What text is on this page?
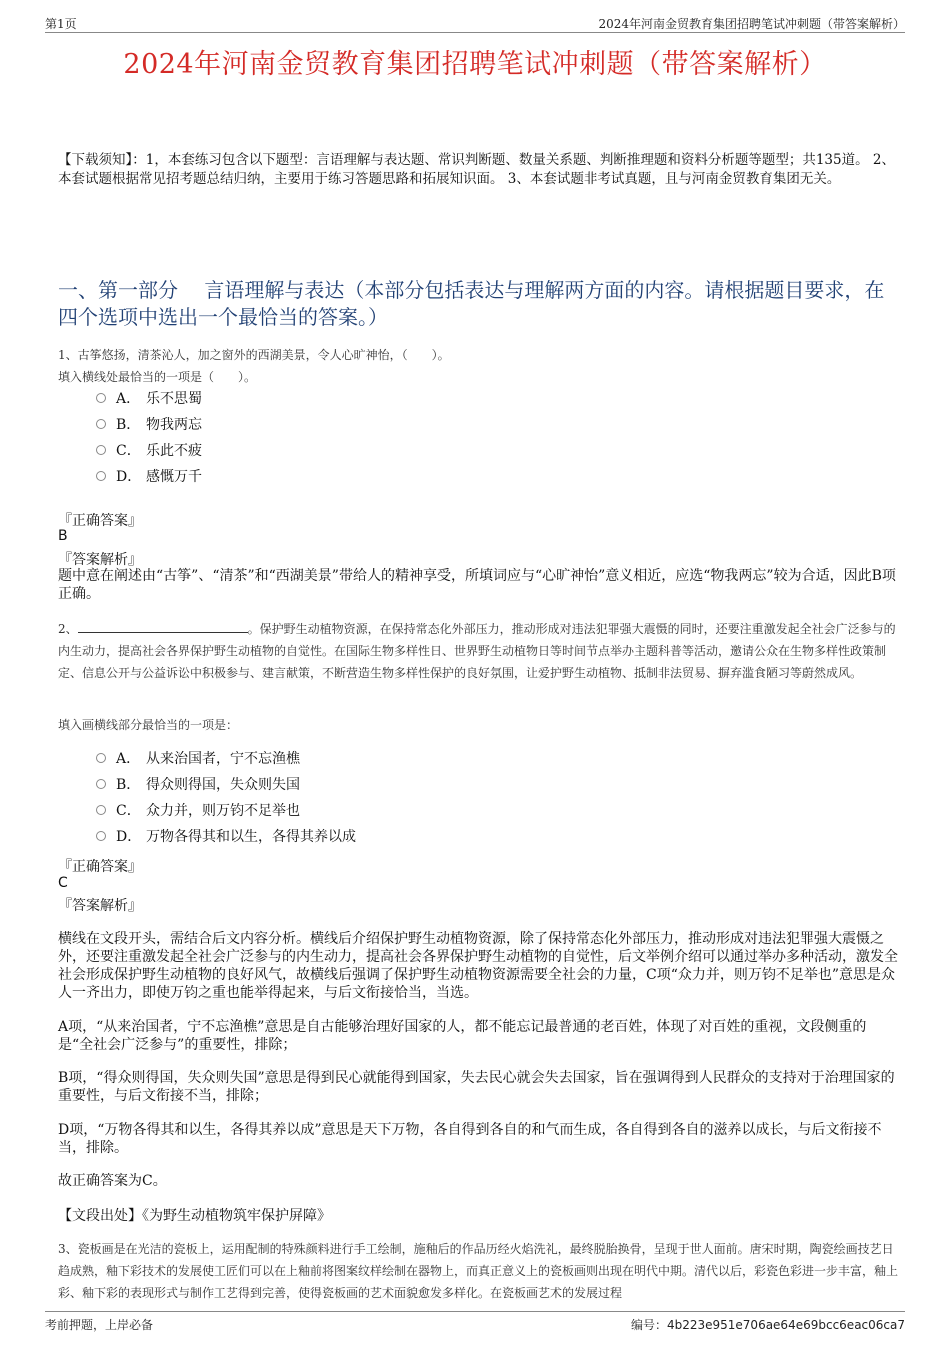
第1页	2024年河南金贸教育集团招聘笔试冲刺题（带答案解析）
2024年河南金贸教育集团招聘笔试冲刺题（带答案解析）
【下载须知】：1，本套练习包含以下题型：言语理解与表达题、常识判断题、数量关系题、判断推理题和资料分析题等题型；共135道。 2、本套试题根据常见招考题总结归纳，主要用于练习答题思路和拓展知识面。 3、本套试题非考试真题，且与河南金贸教育集团无关。
一、第一部分　 言语理解与表达（本部分包括表达与理解两方面的内容。请根据题目要求，在四个选项中选出一个最恰当的答案。）
1、古筝悠扬，清茶沁人，加之窗外的西湖美景，令人心旷神怡，（　　）。
填入横线处最恰当的一项是（　　）。
A． 乐不思蜀
B． 物我两忘
C． 乐此不疲
D． 感慨万千
『正确答案』
B
『答案解析』
题中意在阐述由“古筝”、“清茶”和“西湖美景”带给人的精神享受，所填词应与“心旷神怡”意义相近，应选“物我两忘”较为合适，因此B项正确。
2、	。保护野生动植物资源，在保持常态化外部压力，推动形成对违法犯罪强大震慑的同时，还要注重激发起全社会广泛参与的内生动力，提高社会各界保护野生动植物的自觉性。在国际生物多样性日、世界野生动植物日等时间节点举办主题科普等活动，邀请公众在生物多样性政策制定、信息公开与公益诉讼中积极参与、建言献策，不断营造生物多样性保护的良好氛围，让爱护野生动植物、抵制非法贸易、摒弃滥食陋习等蔚然成风。
填入画横线部分最恰当的一项是：
A． 从来治国者，宁不忘渔樵
B． 得众则得国，失众则失国
C． 众力并，则万钧不足举也
D． 万物各得其和以生，各得其养以成
『正确答案』
C
『答案解析』
横线在文段开头，需结合后文内容分析。横线后介绍保护野生动植物资源，除了保持常态化外部压力，推动形成对违法犯罪强大震慑之外，还要注重激发起全社会广泛参与的内生动力，提高社会各界保护野生动植物的自觉性，后文举例介绍可以通过举办多种活动，激发全社会形成保护野生动植物的良好风气，故横线后强调了保护野生动植物资源需要全社会的力量，C项“众力并，则万钧不足举也”意思是众人一齐出力，即使万钧之重也能举得起来，与后文衔接恰当，当选。
A项，“从来治国者，宁不忘渔樵”意思是自古能够治理好国家的人，都不能忘记最普通的老百姓，体现了对百姓的重视，文段侧重的是“全社会广泛参与”的重要性，排除；
B项，“得众则得国，失众则失国”意思是得到民心就能得到国家，失去民心就会失去国家，旨在强调得到人民群众的支持对于治理国家的重要性，与后文衔接不当，排除；
D项，“万物各得其和以生，各得其养以成”意思是天下万物，各自得到各自的和气而生成，各自得到各自的滋养以成长，与后文衔接不当，排除。
故正确答案为C。
【文段出处】《为野生动植物筑牢保护屏障》
3、瓷板画是在光洁的瓷板上，运用配制的特殊颜料进行手工绘制，施釉后的作品历经火焰洗礼，最终脱胎换骨，呈现于世人面前。唐宋时期，陶瓷绘画技艺日趋成熟，釉下彩技术的发展使工匠们可以在上釉前将图案纹样绘制在器物上，而真正意义上的瓷板画则出现在明代中期。清代以后，彩瓷色彩进一步丰富，釉上彩、釉下彩的表现形式与制作工艺得到完善，使得瓷板画的艺术面貌愈发多样化。在瓷板画艺术的发展过程
考前押题，上岸必备	编号：4b223e951e706ae64e69bcc6eac06ca7
